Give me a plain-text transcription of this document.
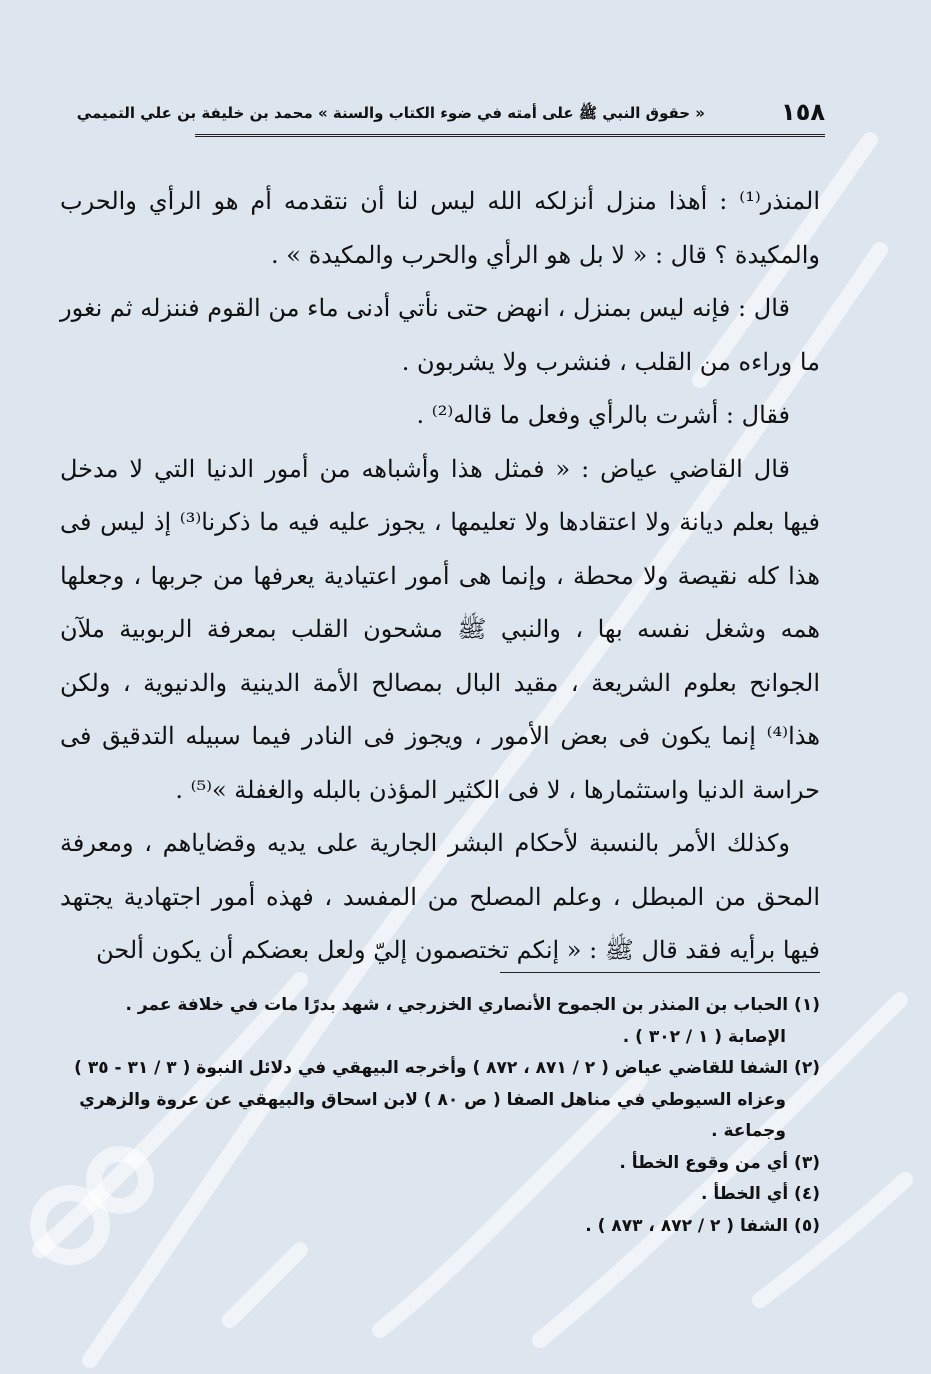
١٥٨
« حقوق النبي ﷺ على أمته في ضوء الكتاب والسنة » محمد بن خليفة بن علي التميمي

المنذر⁽¹⁾ : أهذا منزل أنزلكه الله ليس لنا أن نتقدمه أم هو الرأي والحرب والمكيدة ؟ قال : « لا بل هو الرأي والحرب والمكيدة » .

قال : فإنه ليس بمنزل ، انهض حتى نأتي أدنى ماء من القوم فننزله ثم نغور ما وراءه من القلب ، فنشرب ولا يشربون .

فقال : أشرت بالرأي وفعل ما قاله⁽²⁾ .

قال القاضي عياض : « فمثل هذا وأشباهه من أمور الدنيا التي لا مدخل فيها بعلم ديانة ولا اعتقادها ولا تعليمها ، يجوز عليه فيه ما ذكرنا⁽³⁾ إذ ليس فى هذا كله نقيصة ولا محطة ، وإنما هى أمور اعتيادية يعرفها من جربها ، وجعلها همه وشغل نفسه بها ، والنبي ﷺ مشحون القلب بمعرفة الربوبية ملآن الجوانح بعلوم الشريعة ، مقيد البال بمصالح الأمة الدينية والدنيوية ، ولكن هذا⁽⁴⁾ إنما يكون فى بعض الأمور ، ويجوز فى النادر فيما سبيله التدقيق فى حراسة الدنيا واستثمارها ، لا فى الكثير المؤذن بالبله والغفلة »⁽⁵⁾ .

وكذلك الأمر بالنسبة لأحكام البشر الجارية على يديه وقضاياهم ، ومعرفة المحق من المبطل ، وعلم المصلح من المفسد ، فهذه أمور اجتهادية يجتهد فيها برأيه فقد قال ﷺ : « إنكم تختصمون إليّ ولعل بعضكم أن يكون ألحن

(١) الحباب بن المنذر بن الجموح الأنصاري الخزرجي ، شهد بدرًا مات في خلافة عمر .

الإصابة ( ١ / ٣٠٢ ) .

(٢) الشفا للقاضي عياض ( ٢ / ٨٧١ ، ٨٧٢ ) وأخرجه البيهقي في دلائل النبوة ( ٣ / ٣١ - ٣٥ )

وعزاه السيوطي في مناهل الصفا ( ص ٨٠ ) لابن اسحاق والبيهقي عن عروة والزهري وجماعة .

(٣) أي من وقوع الخطأ .

(٤) أي الخطأ .

(٥) الشفا ( ٢ / ٨٧٢ ، ٨٧٣ ) .
